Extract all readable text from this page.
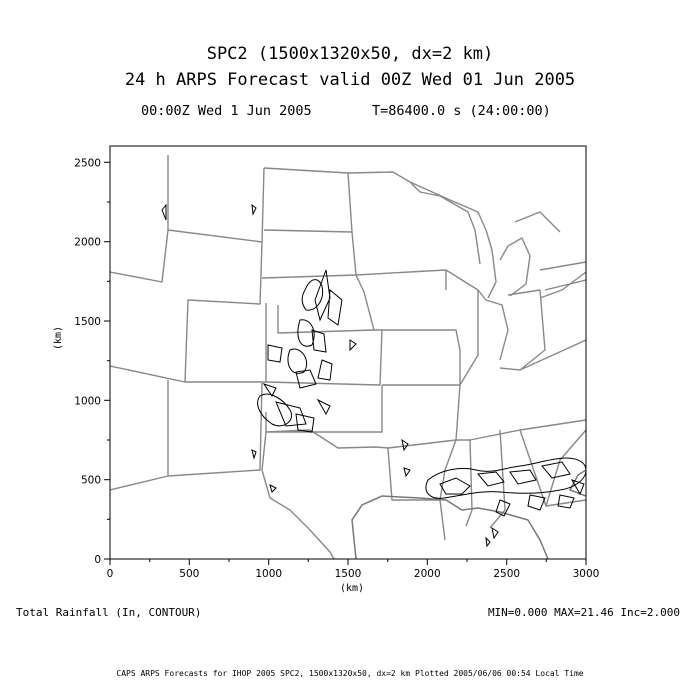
SPC2 (1500x1320x50, dx=2 km)
24 h ARPS Forecast valid 00Z Wed 01 Jun 2005
00:00Z Wed 1 Jun 2005	T=86400.0 s (24:00:00)
(km)
(km)
Total Rainfall (In, CONTOUR)	MIN=0.000 MAX=21.46 Inc=2.000
CAPS ARPS Forecasts for IHOP 2005 SPC2, 1500x1320x50, dx=2 km Plotted 2005/06/06 00:54 Local Time
0	500	1000	1500	2000	2500	3000
0
500
1000
1500
2000
2500
